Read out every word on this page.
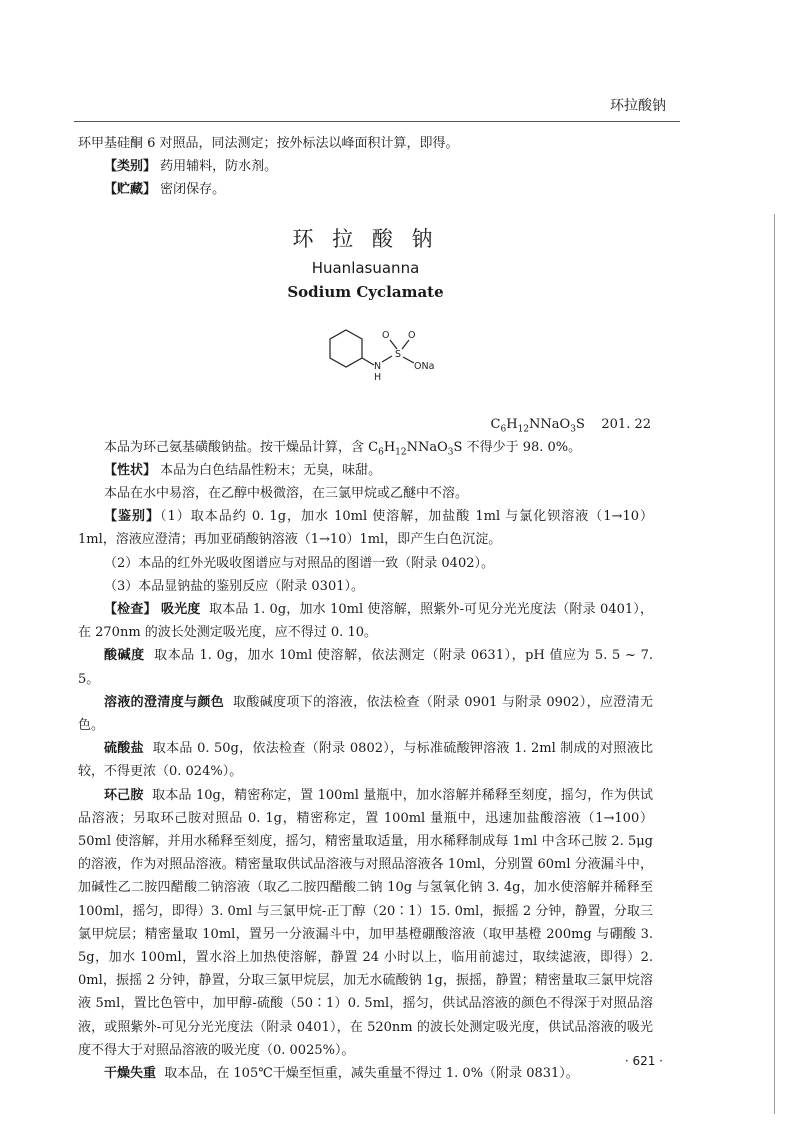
环拉酸钠

环甲基硅酮 6 对照品，同法测定；按外标法以峰面积计算，即得。

【类别】 药用辅料，防水剂。

【贮藏】 密闭保存。

环 拉 酸 钠
Huanlasuanna
Sodium Cyclamate
O O
S
N
H
ONa
$C_6H_{12}NNaO_3S$ 201. 22

本品为环己氨基磺酸钠盐。按干燥品计算，含 $C_6H_{12}NNaO_3S$ 不得少于 98. 0%。

【性状】 本品为白色结晶性粉末；无臭，味甜。

本品在水中易溶，在乙醇中极微溶，在三氯甲烷或乙醚中不溶。

【鉴别】（1）取本品约 0. 1g，加水 10ml 使溶解，加盐酸 1ml 与氯化钡溶液（1→10）1ml，溶液应澄清；再加亚硝酸钠溶液（1→10）1ml，即产生白色沉淀。

（2）本品的红外光吸收图谱应与对照品的图谱一致（附录 0402）。

（3）本品显钠盐的鉴别反应（附录 0301）。

【检查】 吸光度 取本品 1. 0g，加水 10ml 使溶解，照紫外-可见分光光度法（附录 0401），在 270nm 的波长处测定吸光度，应不得过 0. 10。

酸碱度 取本品 1. 0g，加水 10ml 使溶解，依法测定（附录 0631），pH 值应为 5. 5 ~ 7. 5。

溶液的澄清度与颜色 取酸碱度项下的溶液，依法检查（附录 0901 与附录 0902），应澄清无色。

硫酸盐 取本品 0. 50g，依法检查（附录 0802），与标准硫酸钾溶液 1. 2ml 制成的对照液比较，不得更浓（0. 024%）。

环己胺 取本品 10g，精密称定，置 100ml 量瓶中，加水溶解并稀释至刻度，摇匀，作为供试品溶液；另取环己胺对照品 0. 1g，精密称定，置 100ml 量瓶中，迅速加盐酸溶液（1→100）50ml 使溶解，并用水稀释至刻度，摇匀，精密量取适量，用水稀释制成每 1ml 中含环己胺 2. 5μg 的溶液，作为对照品溶液。精密量取供试品溶液与对照品溶液各 10ml，分别置 60ml 分液漏斗中，加碱性乙二胺四醋酸二钠溶液（取乙二胺四醋酸二钠 10g 与氢氧化钠 3. 4g，加水使溶解并稀释至 100ml，摇匀，即得）3. 0ml 与三氯甲烷-正丁醇（20∶1）15. 0ml，振摇 2 分钟，静置，分取三氯甲烷层；精密量取 10ml，置另一分液漏斗中，加甲基橙硼酸溶液（取甲基橙 200mg 与硼酸 3. 5g，加水 100ml，置水浴上加热使溶解，静置 24 小时以上，临用前滤过，取续滤液，即得）2. 0ml，振摇 2 分钟，静置，分取三氯甲烷层，加无水硫酸钠 1g，振摇，静置；精密量取三氯甲烷溶液 5ml，置比色管中，加甲醇-硫酸（50∶1）0. 5ml，摇匀，供试品溶液的颜色不得深于对照品溶液，或照紫外-可见分光光度法（附录 0401），在 520nm 的波长处测定吸光度，供试品溶液的吸光度不得大于对照品溶液的吸光度（0. 0025%）。

干燥失重 取本品，在 105℃干燥至恒重，减失重量不得过 1. 0%（附录 0831）。

· 621 ·
